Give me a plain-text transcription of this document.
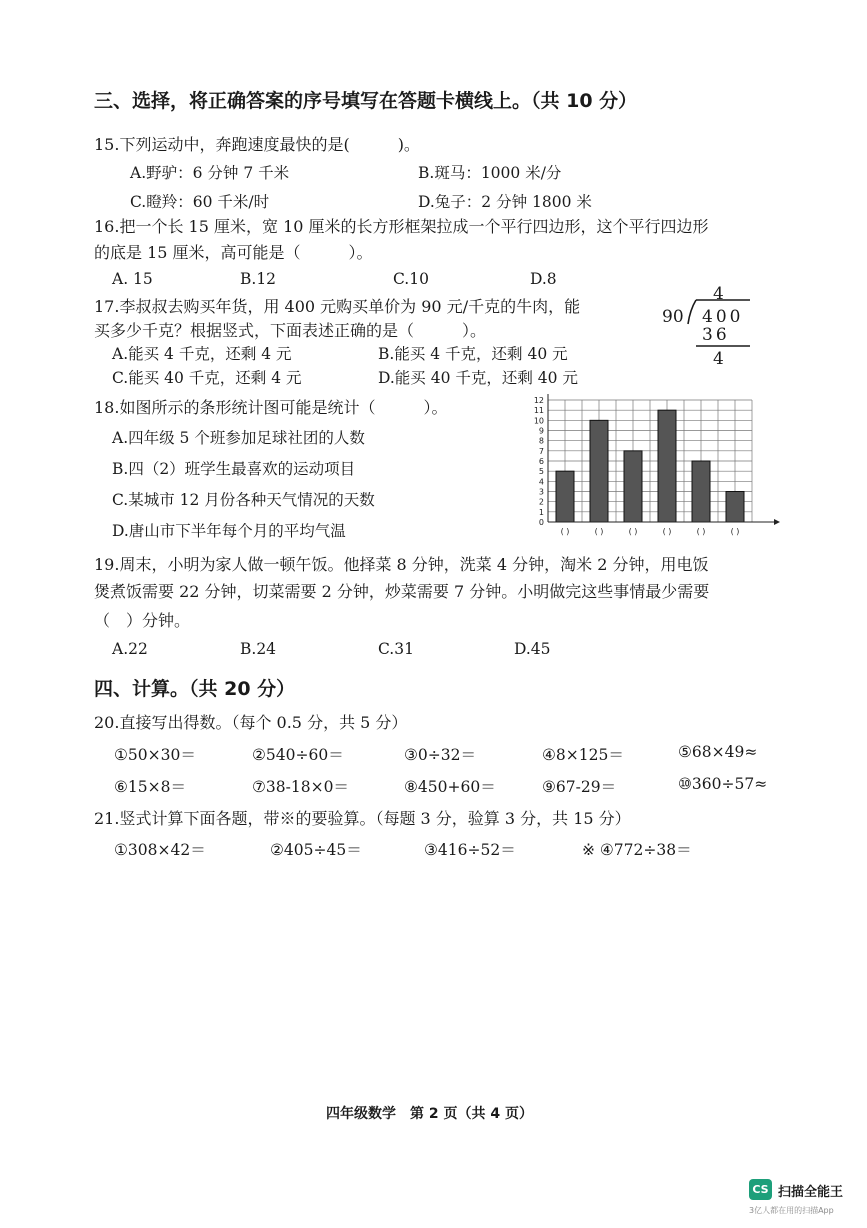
三、选择，将正确答案的序号填写在答题卡横线上。（共 10 分）
15.下列运动中，奔跑速度最快的是(　　　)。
A.野驴：6 分钟 7 千米	B.斑马：1000 米/分
C.瞪羚：60 千米/时	D.兔子：2 分钟 1800 米
16.把一个长 15 厘米，宽 10 厘米的长方形框架拉成一个平行四边形，这个平行四边形
的底是 15 厘米，高可能是（　　　）。
A. 15	B.12	C.10	D.8
17.李叔叔去购买年货，用 400 元购买单价为 90 元/千克的牛肉，能
买多少千克？根据竖式，下面表述正确的是（　　　）。
A.能买 4 千克，还剩 4 元	B.能买 4 千克，还剩 40 元
C.能买 40 千克，还剩 4 元	D.能买 40 千克，还剩 40 元
4
90 400
36
4
18.如图所示的条形统计图可能是统计（　　　）。
A.四年级 5 个班参加足球社团的人数
B.四（2）班学生最喜欢的运动项目
C.某城市 12 月份各种天气情况的天数
D.唐山市下半年每个月的平均气温	0
1
2
3
4
5
6
7
8
9
10
11
12
( )	( )	( )	( )	( )	( )
19.周末，小明为家人做一顿午饭。他择菜 8 分钟，洗菜 4 分钟，淘米 2 分钟，用电饭
煲煮饭需要 22 分钟，切菜需要 2 分钟，炒菜需要 7 分钟。小明做完这些事情最少需要
（　）分钟。
A.22	B.24	C.31	D.45
四、计算。（共 20 分）
20.直接写出得数。（每个 0.5 分，共 5 分）
①50×30＝	②540÷60＝	③0÷32＝	④8×125＝	⑤68×49≈
⑥15×8＝	⑦38-18×0＝	⑧450+60＝	⑨67-29＝	⑩360÷57≈
21.竖式计算下面各题，带※的要验算。（每题 3 分，验算 3 分，共 15 分）
①308×42＝	②405÷45＝	③416÷52＝	※ ④772÷38＝
四年级数学　第 2 页（共 4 页）
CS 扫描全能王
3亿人都在用的扫描App
